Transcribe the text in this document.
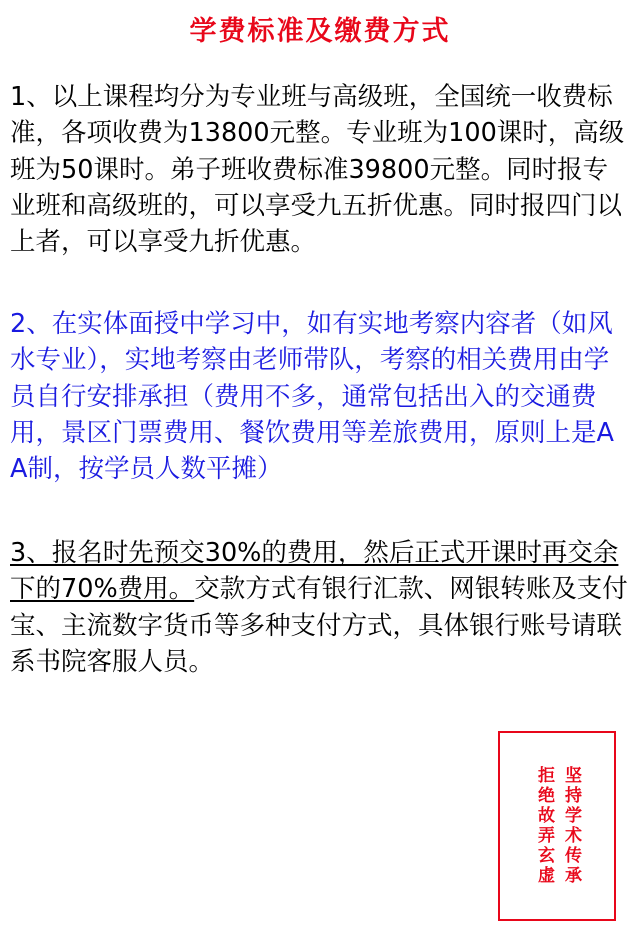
学费标准及缴费方式

1、以上课程均分为专业班与高级班，全国统一收费标准，各项收费为13800元整。专业班为100课时，高级班为50课时。弟子班收费标准39800元整。同时报专业班和高级班的，可以享受九五折优惠。同时报四门以上者，可以享受九折优惠。

2、在实体面授中学习中，如有实地考察内容者（如风水专业），实地考察由老师带队，考察的相关费用由学员自行安排承担（费用不多，通常包括出入的交通费用，景区门票费用、餐饮费用等差旅费用，原则上是AA制，按学员人数平摊）

3、报名时先预交30%的费用，然后正式开课时再交余下的70%费用。交款方式有银行汇款、网银转账及支付宝、主流数字货币等多种支付方式，具体银行账号请联系书院客服人员。

坚持学术传承
拒绝故弄玄虚
